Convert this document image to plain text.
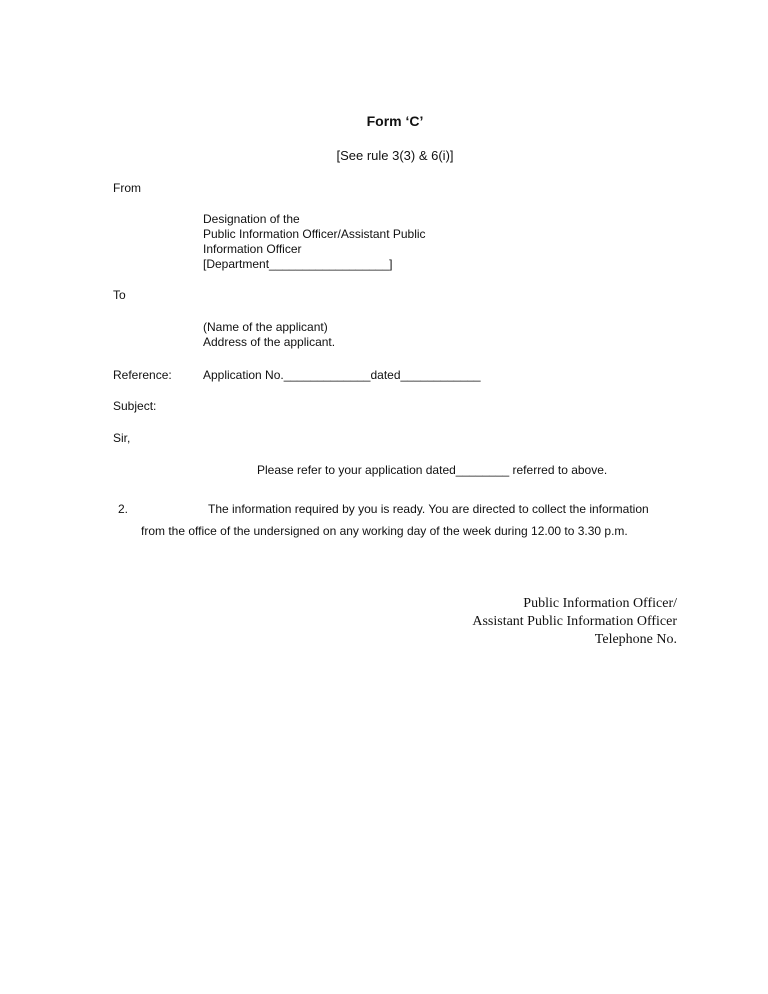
Form ‘C’
[See rule 3(3) & 6(i)]
From
Designation of the
Public Information Officer/Assistant Public
Information Officer
[Department__________________]
To
(Name of the applicant)
Address of the applicant.
Reference:	Application No._____________dated____________
Subject:
Sir,
Please refer to your application dated________ referred to above.
2.	The information required by you is ready. You are directed to collect the information
from the office of the undersigned on any working day of the week during 12.00 to 3.30 p.m.
Public Information Officer/
Assistant Public Information Officer
Telephone No.
